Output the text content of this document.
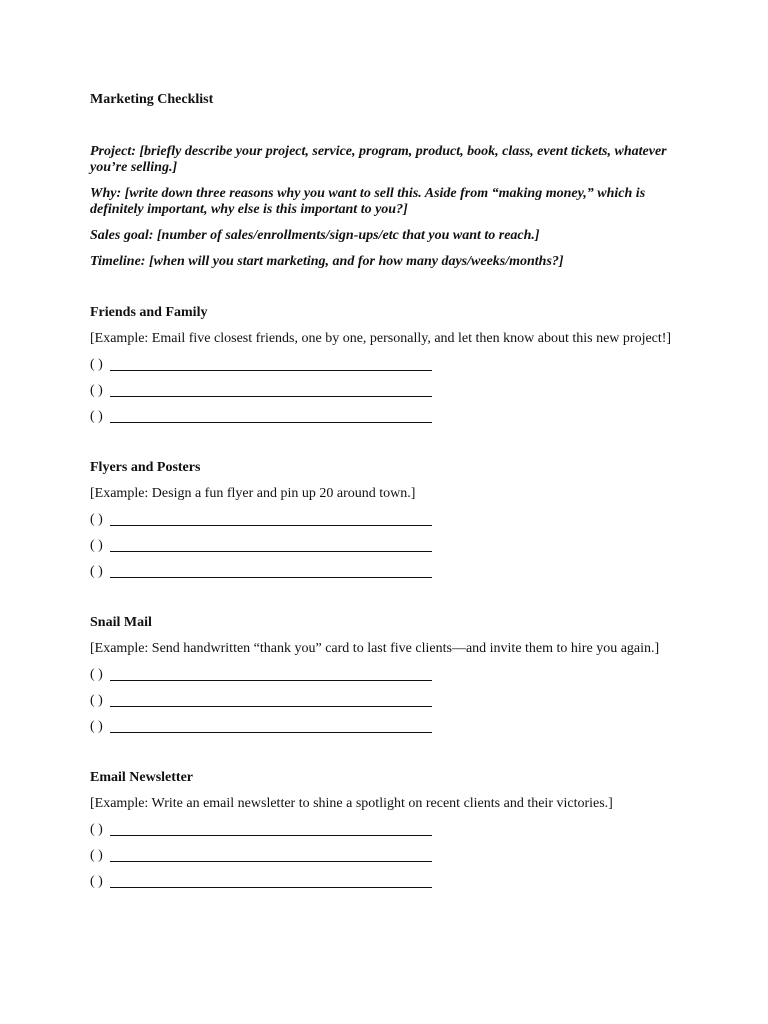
Marketing Checklist

Project: [briefly describe your project, service, program, product, book, class, event tickets, whatever you’re selling.]

Why: [write down three reasons why you want to sell this. Aside from “making money,” which is definitely important, why else is this important to you?]

Sales goal: [number of sales/enrollments/sign-ups/etc that you want to reach.]

Timeline: [when will you start marketing, and for how many days/weeks/months?]

Friends and Family

[Example: Email five closest friends, one by one, personally, and let then know about this new project!]

( )
( )
( )

Flyers and Posters

[Example: Design a fun flyer and pin up 20 around town.]

( )
( )
( )

Snail Mail

[Example: Send handwritten “thank you” card to last five clients—and invite them to hire you again.]

( )
( )
( )

Email Newsletter

[Example: Write an email newsletter to shine a spotlight on recent clients and their victories.]

( )
( )
( )
